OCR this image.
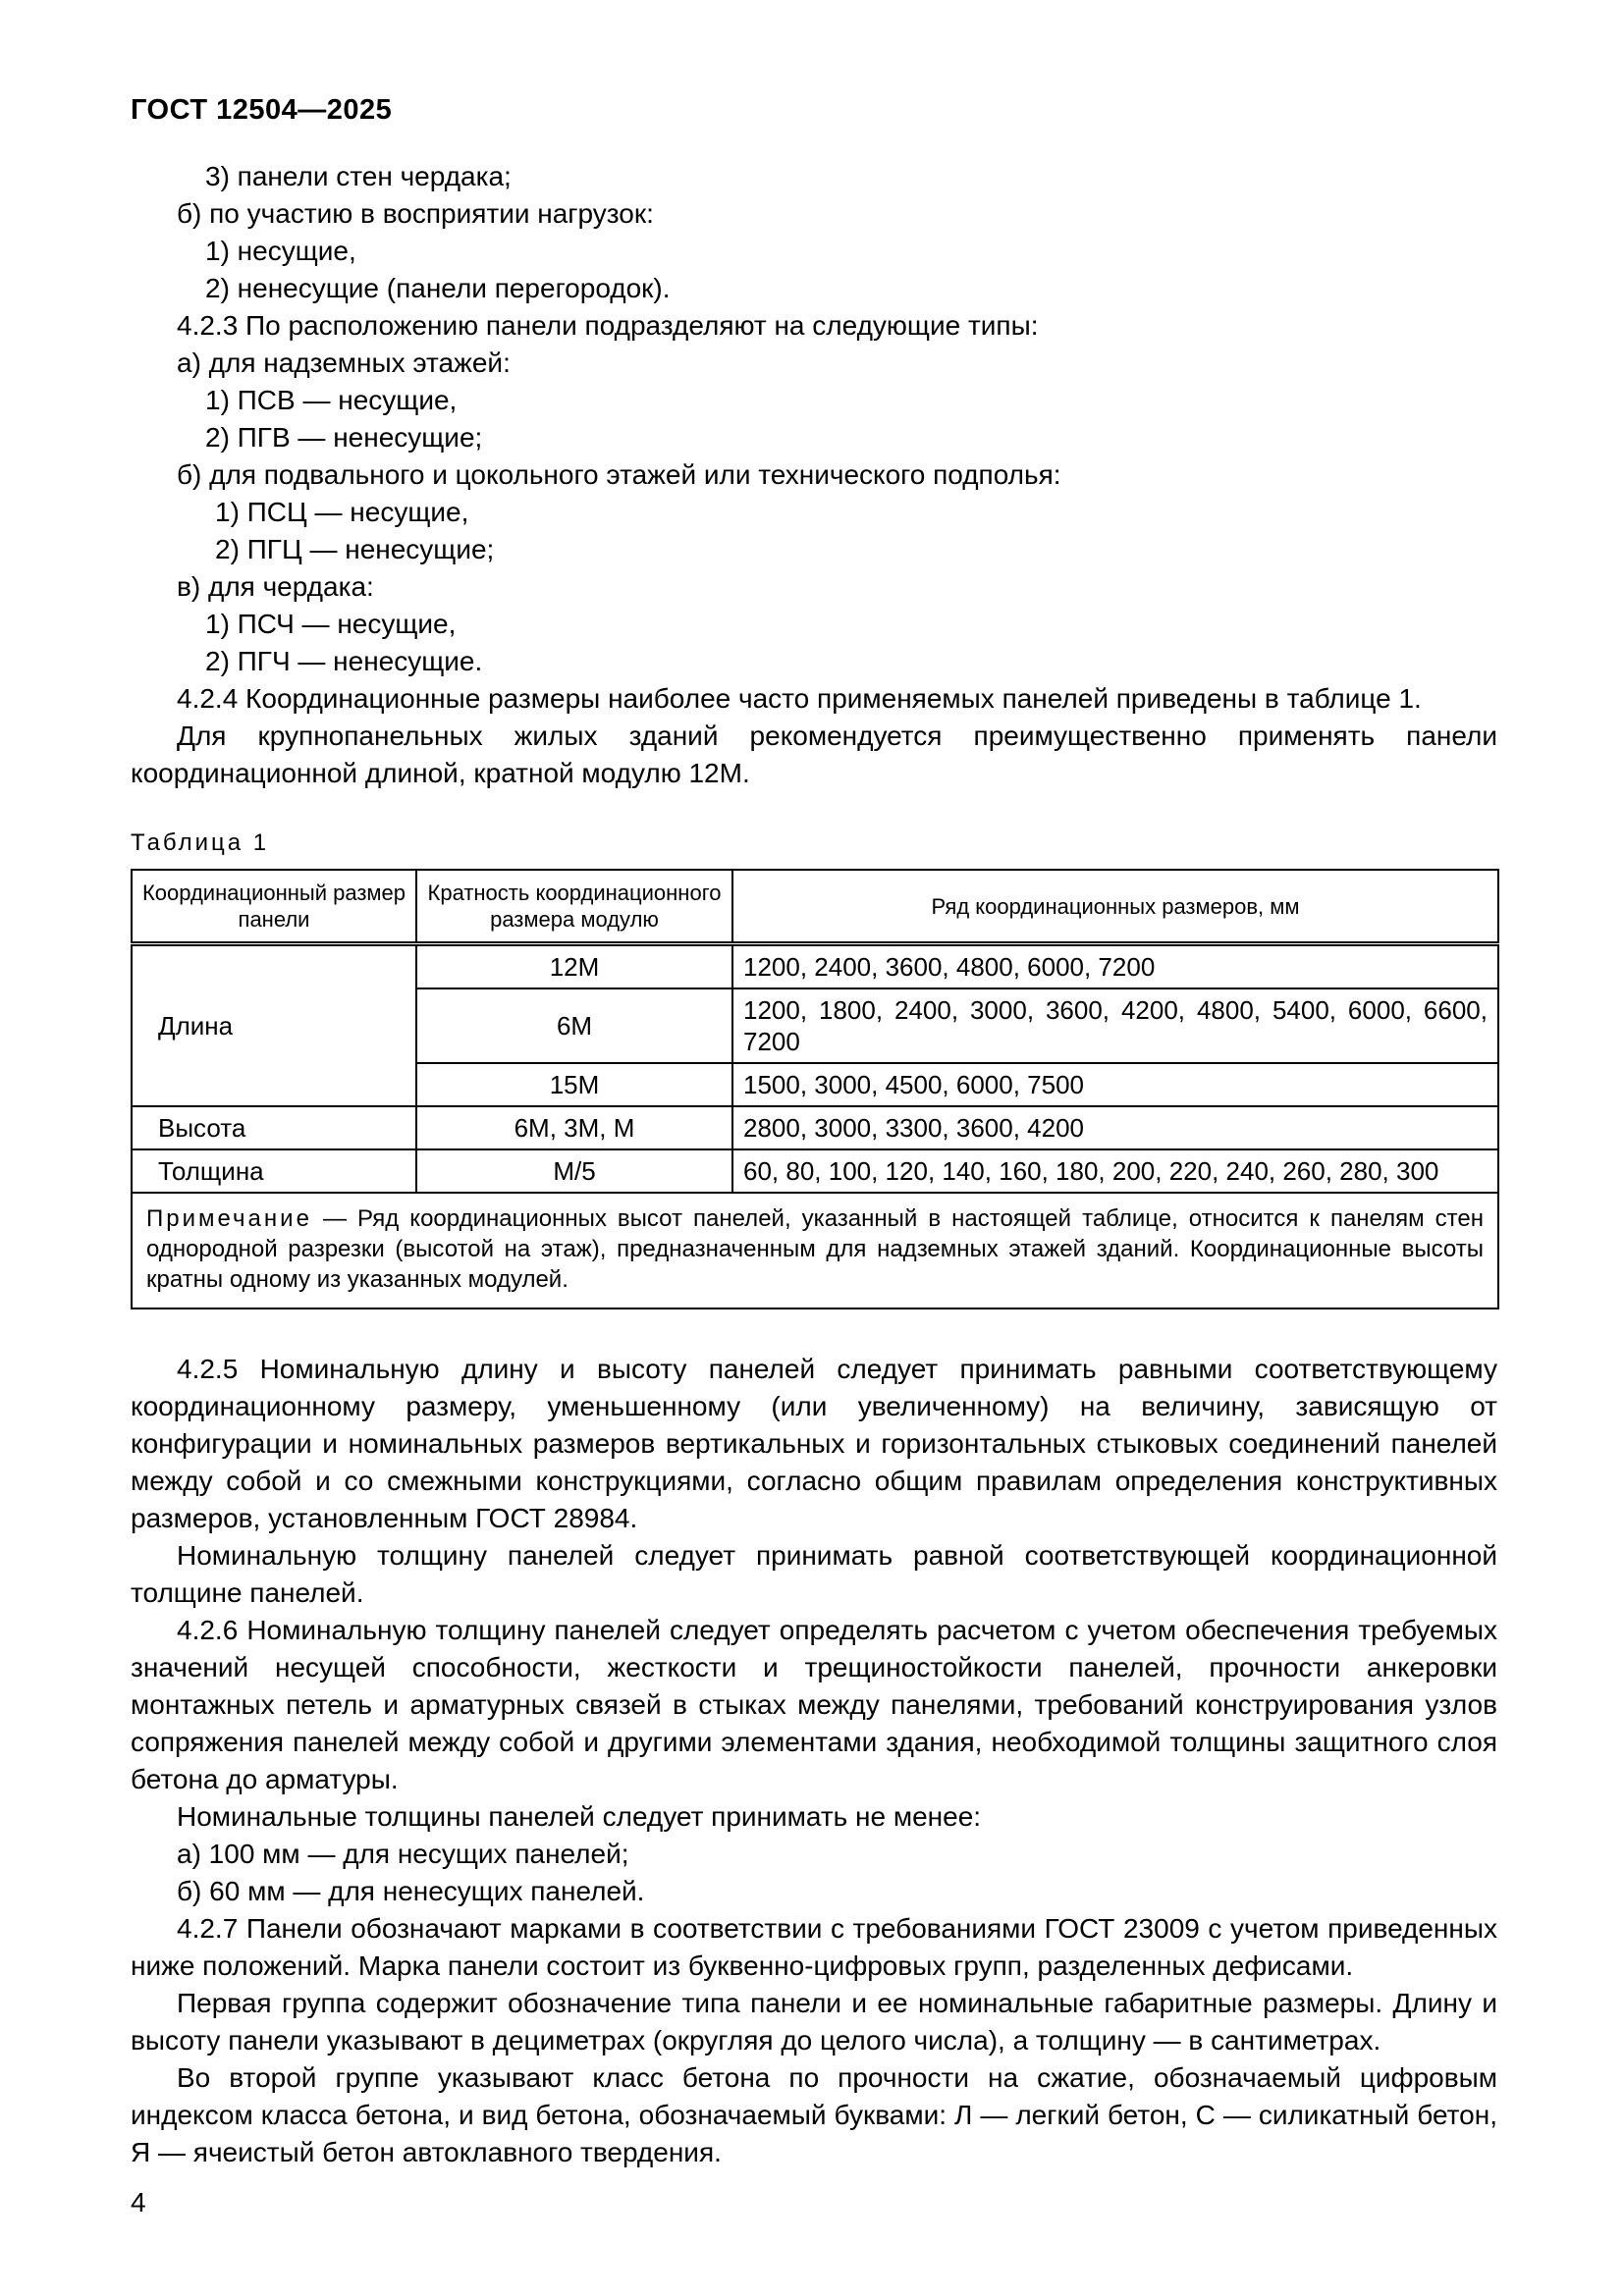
ГОСТ 12504—2025

3) панели стен чердака;

б) по участию в восприятии нагрузок:

1) несущие,

2) ненесущие (панели перегородок).

4.2.3 По расположению панели подразделяют на следующие типы:

а) для надземных этажей:

1) ПСВ — несущие,

2) ПГВ — ненесущие;

б) для подвального и цокольного этажей или технического подполья:

1) ПСЦ — несущие,

2) ПГЦ — ненесущие;

в) для чердака:

1) ПСЧ — несущие,

2) ПГЧ — ненесущие.

4.2.4 Координационные размеры наиболее часто применяемых панелей приведены в таблице 1.

Для крупнопанельных жилых зданий рекомендуется преимущественно применять панели координационной длиной, кратной модулю 12М.

Таблица 1
Координационный размер панели	Кратность координационного размера модулю	Ряд координационных размеров, мм
Длина	12М	1200, 2400, 3600, 4800, 6000, 7200
	6М	1200, 1800, 2400, 3000, 3600, 4200, 4800, 5400, 6000, 6600, 7200
	15М	1500, 3000, 4500, 6000, 7500
Высота	6М, 3М, М	2800, 3000, 3300, 3600, 4200
Толщина	М/5	60, 80, 100, 120, 140, 160, 180, 200, 220, 240, 260, 280, 300
Примечание — Ряд координационных высот панелей, указанный в настоящей таблице, относится к панелям стен однородной разрезки (высотой на этаж), предназначенным для надземных этажей зданий. Координационные высоты кратны одному из указанных модулей.		

4.2.5 Номинальную длину и высоту панелей следует принимать равными соответствующему координационному размеру, уменьшенному (или увеличенному) на величину, зависящую от конфигурации и номинальных размеров вертикальных и горизонтальных стыковых соединений панелей между собой и со смежными конструкциями, согласно общим правилам определения конструктивных размеров, установленным ГОСТ 28984.

Номинальную толщину панелей следует принимать равной соответствующей координационной толщине панелей.

4.2.6 Номинальную толщину панелей следует определять расчетом с учетом обеспечения требуемых значений несущей способности, жесткости и трещиностойкости панелей, прочности анкеровки монтажных петель и арматурных связей в стыках между панелями, требований конструирования узлов сопряжения панелей между собой и другими элементами здания, необходимой толщины защитного слоя бетона до арматуры.

Номинальные толщины панелей следует принимать не менее:

а) 100 мм — для несущих панелей;

б) 60 мм — для ненесущих панелей.

4.2.7 Панели обозначают марками в соответствии с требованиями ГОСТ 23009 с учетом приведенных ниже положений. Марка панели состоит из буквенно-цифровых групп, разделенных дефисами.

Первая группа содержит обозначение типа панели и ее номинальные габаритные размеры. Длину и высоту панели указывают в дециметрах (округляя до целого числа), а толщину — в сантиметрах.

Во второй группе указывают класс бетона по прочности на сжатие, обозначаемый цифровым индексом класса бетона, и вид бетона, обозначаемый буквами: Л — легкий бетон, С — силикатный бетон, Я — ячеистый бетон автоклавного твердения.

4
